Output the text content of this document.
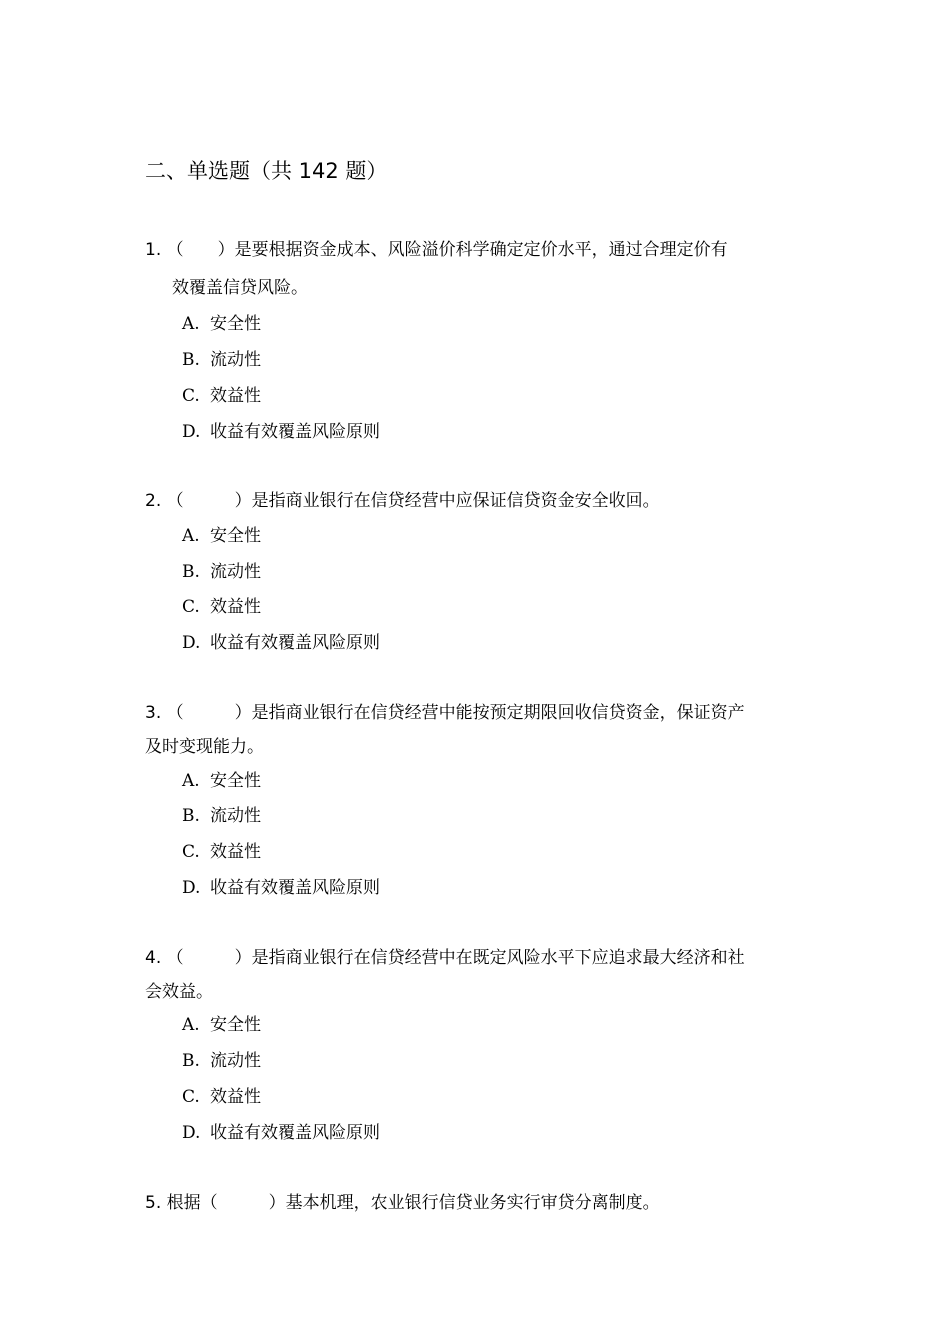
二、单选题（共 142 题）
1. （　　）是要根据资金成本、风险溢价科学确定定价水平，通过合理定价有
效覆盖信贷风险。
A. 安全性
B. 流动性
C. 效益性
D. 收益有效覆盖风险原则
2. （　　　）是指商业银行在信贷经营中应保证信贷资金安全收回。
A. 安全性
B. 流动性
C. 效益性
D. 收益有效覆盖风险原则
3. （　　　）是指商业银行在信贷经营中能按预定期限回收信贷资金，保证资产
及时变现能力。
A. 安全性
B. 流动性
C. 效益性
D. 收益有效覆盖风险原则
4. （　　　）是指商业银行在信贷经营中在既定风险水平下应追求最大经济和社
会效益。
A. 安全性
B. 流动性
C. 效益性
D. 收益有效覆盖风险原则
5. 根据（　　　）基本机理，农业银行信贷业务实行审贷分离制度。
